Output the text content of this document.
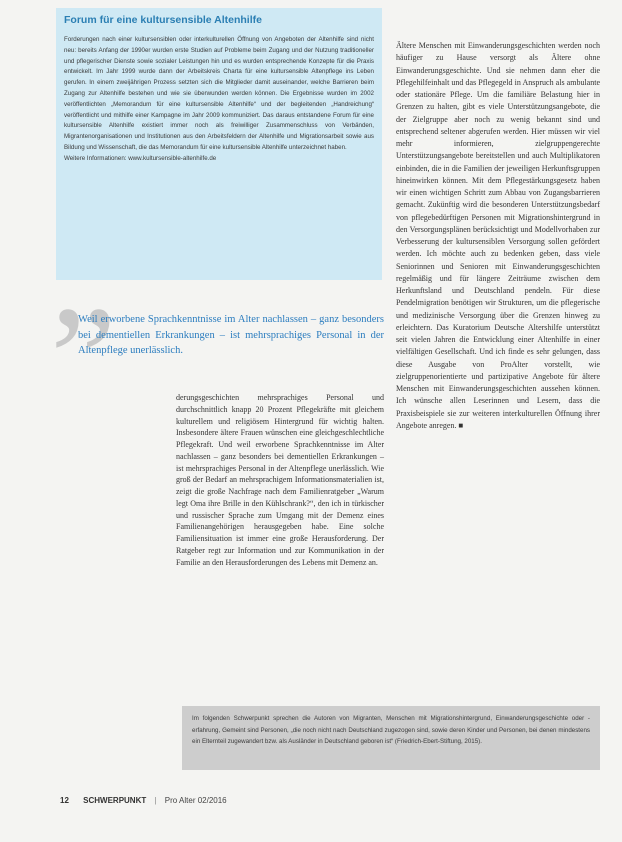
Forum für eine kultursensible Altenhilfe

Forderungen nach einer kultursensiblen oder interkulturellen Öffnung von Angeboten der Altenhilfe sind nicht neu: bereits Anfang der 1990er wurden erste Studien auf Probleme beim Zugang und der Nutzung traditioneller und pflegerischer Dienste sowie sozialer Leistungen hin und es wurden entsprechende Konzepte für die Praxis entwickelt. Im Jahr 1999 wurde dann der Arbeitskreis Charta für eine kultursensible Altenpflege ins Leben gerufen. In einem zweijährigen Prozess setzten sich die Mitglieder damit auseinander, welche Barrieren beim Zugang zur Altenhilfe bestehen und wie sie überwunden werden können. Die Ergebnisse wurden im 2002 veröffentlichten „Memorandum für eine kultursensible Altenhilfe“ und der begleitenden „Handreichung“ veröffentlicht und mithilfe einer Kampagne im Jahr 2009 kommuniziert. Das daraus entstandene Forum für eine kultursensible Altenhilfe existiert immer noch als freiwilliger Zusammenschluss von Verbänden, Migrantenorganisationen und Institutionen aus den Arbeitsfeldern der Altenhilfe und Migrationsarbeit sowie aus Bildung und Wissenschaft, die das Memorandum für eine kultursensible Altenhilfe unterzeichnet haben.
Weitere Informationen: www.kultursensible-altenhilfe.de

Weil erworbene Sprachkenntnisse im Alter nachlassen – ganz besonders bei dementiellen Erkrankungen – ist mehrsprachiges Personal in der Altenpflege unerlässlich.

derungsgeschichten mehrsprachiges Personal und durchschnittlich knapp 20 Prozent Pflegekräfte mit gleichem kulturellem und religiösem Hintergrund für wichtig halten. Insbesondere ältere Frauen wünschen eine gleichgeschlechtliche Pflegekraft. Und weil erworbene Sprachkenntnisse im Alter nachlassen – ganz besonders bei dementiellen Erkrankungen – ist mehrsprachiges Personal in der Altenpflege unerlässlich. Wie groß der Bedarf an mehrsprachigem Informationsmaterialien ist, zeigt die große Nachfrage nach dem Familienratgeber „Warum legt Oma ihre Brille in den Kühlschrank?“, den ich in türkischer und russischer Sprache zum Umgang mit der Demenz eines Familienangehörigen herausgegeben habe. Eine solche Familiensituation ist immer eine große Herausforderung. Der Ratgeber regt zur Information und zur Kommunikation in der Familie an den Herausforderungen des Lebens mit Demenz an.

Ältere Menschen mit Einwanderungsgeschichten werden noch häufiger zu Hause versorgt als Ältere ohne Einwanderungsgeschichte. Und sie nehmen dann eher die Pflegehilfeinhalt und das Pflegegeld in Anspruch als ambulante oder stationäre Pflege. Um die familiäre Belastung hier in Grenzen zu halten, gibt es viele Unterstützungsangebote, die der Zielgruppe aber noch zu wenig bekannt sind und entsprechend seltener abgerufen werden. Hier müssen wir viel mehr informieren, zielgruppengerechte Unterstützungsangebote bereitstellen und auch Multiplikatoren einbinden, die in die Familien der jeweiligen Herkunftsgruppen hineinwirken können. Mit dem Pflegestärkungsgesetz haben wir einen wichtigen Schritt zum Abbau von Zugangsbarrieren gemacht. Zukünftig wird die besonderen Unterstützungsbedarf von pflegebedürftigen Personen mit Migrationshintergrund in den Versorgungsplänen berücksichtigt und Modellvorhaben zur Verbesserung der kultursensiblen Versorgung sollen gefördert werden. Ich möchte auch zu bedenken geben, dass viele Seniorinnen und Senioren mit Einwanderungsgeschichten regelmäßig und für längere Zeiträume zwischen dem Herkunftsland und Deutschland pendeln. Für diese Pendelmigration benötigen wir Strukturen, um die pflegerische und medizinische Versorgung über die Grenzen hinweg zu erleichtern. Das Kuratorium Deutsche Altershilfe unterstützt seit vielen Jahren die Entwicklung einer Altenhilfe in einer vielfältigen Gesellschaft. Und ich finde es sehr gelungen, dass diese Ausgabe von ProAlter vorstellt, wie zielgruppenorientierte und partizipative Angebote für ältere Menschen mit Einwanderungsgeschichten aussehen können. Ich wünsche allen Leserinnen und Lesern, dass die Praxisbeispiele sie zur weiteren interkulturellen Öffnung ihrer Angebote anregen. ■

Im folgenden Schwerpunkt sprechen die Autoren von Migranten, Menschen mit Migrationshintergrund, Einwanderungsgeschichte oder -erfahrung, Gemeint sind Personen, „die noch nicht nach Deutschland zugezogen sind, sowie deren Kinder und Personen, bei denen mindestens ein Elternteil zugewandert bzw. als Ausländer in Deutschland geboren ist“ (Friedrich-Ebert-Stiftung, 2015).
12 SCHWERPUNKT | Pro Alter 02/2016
